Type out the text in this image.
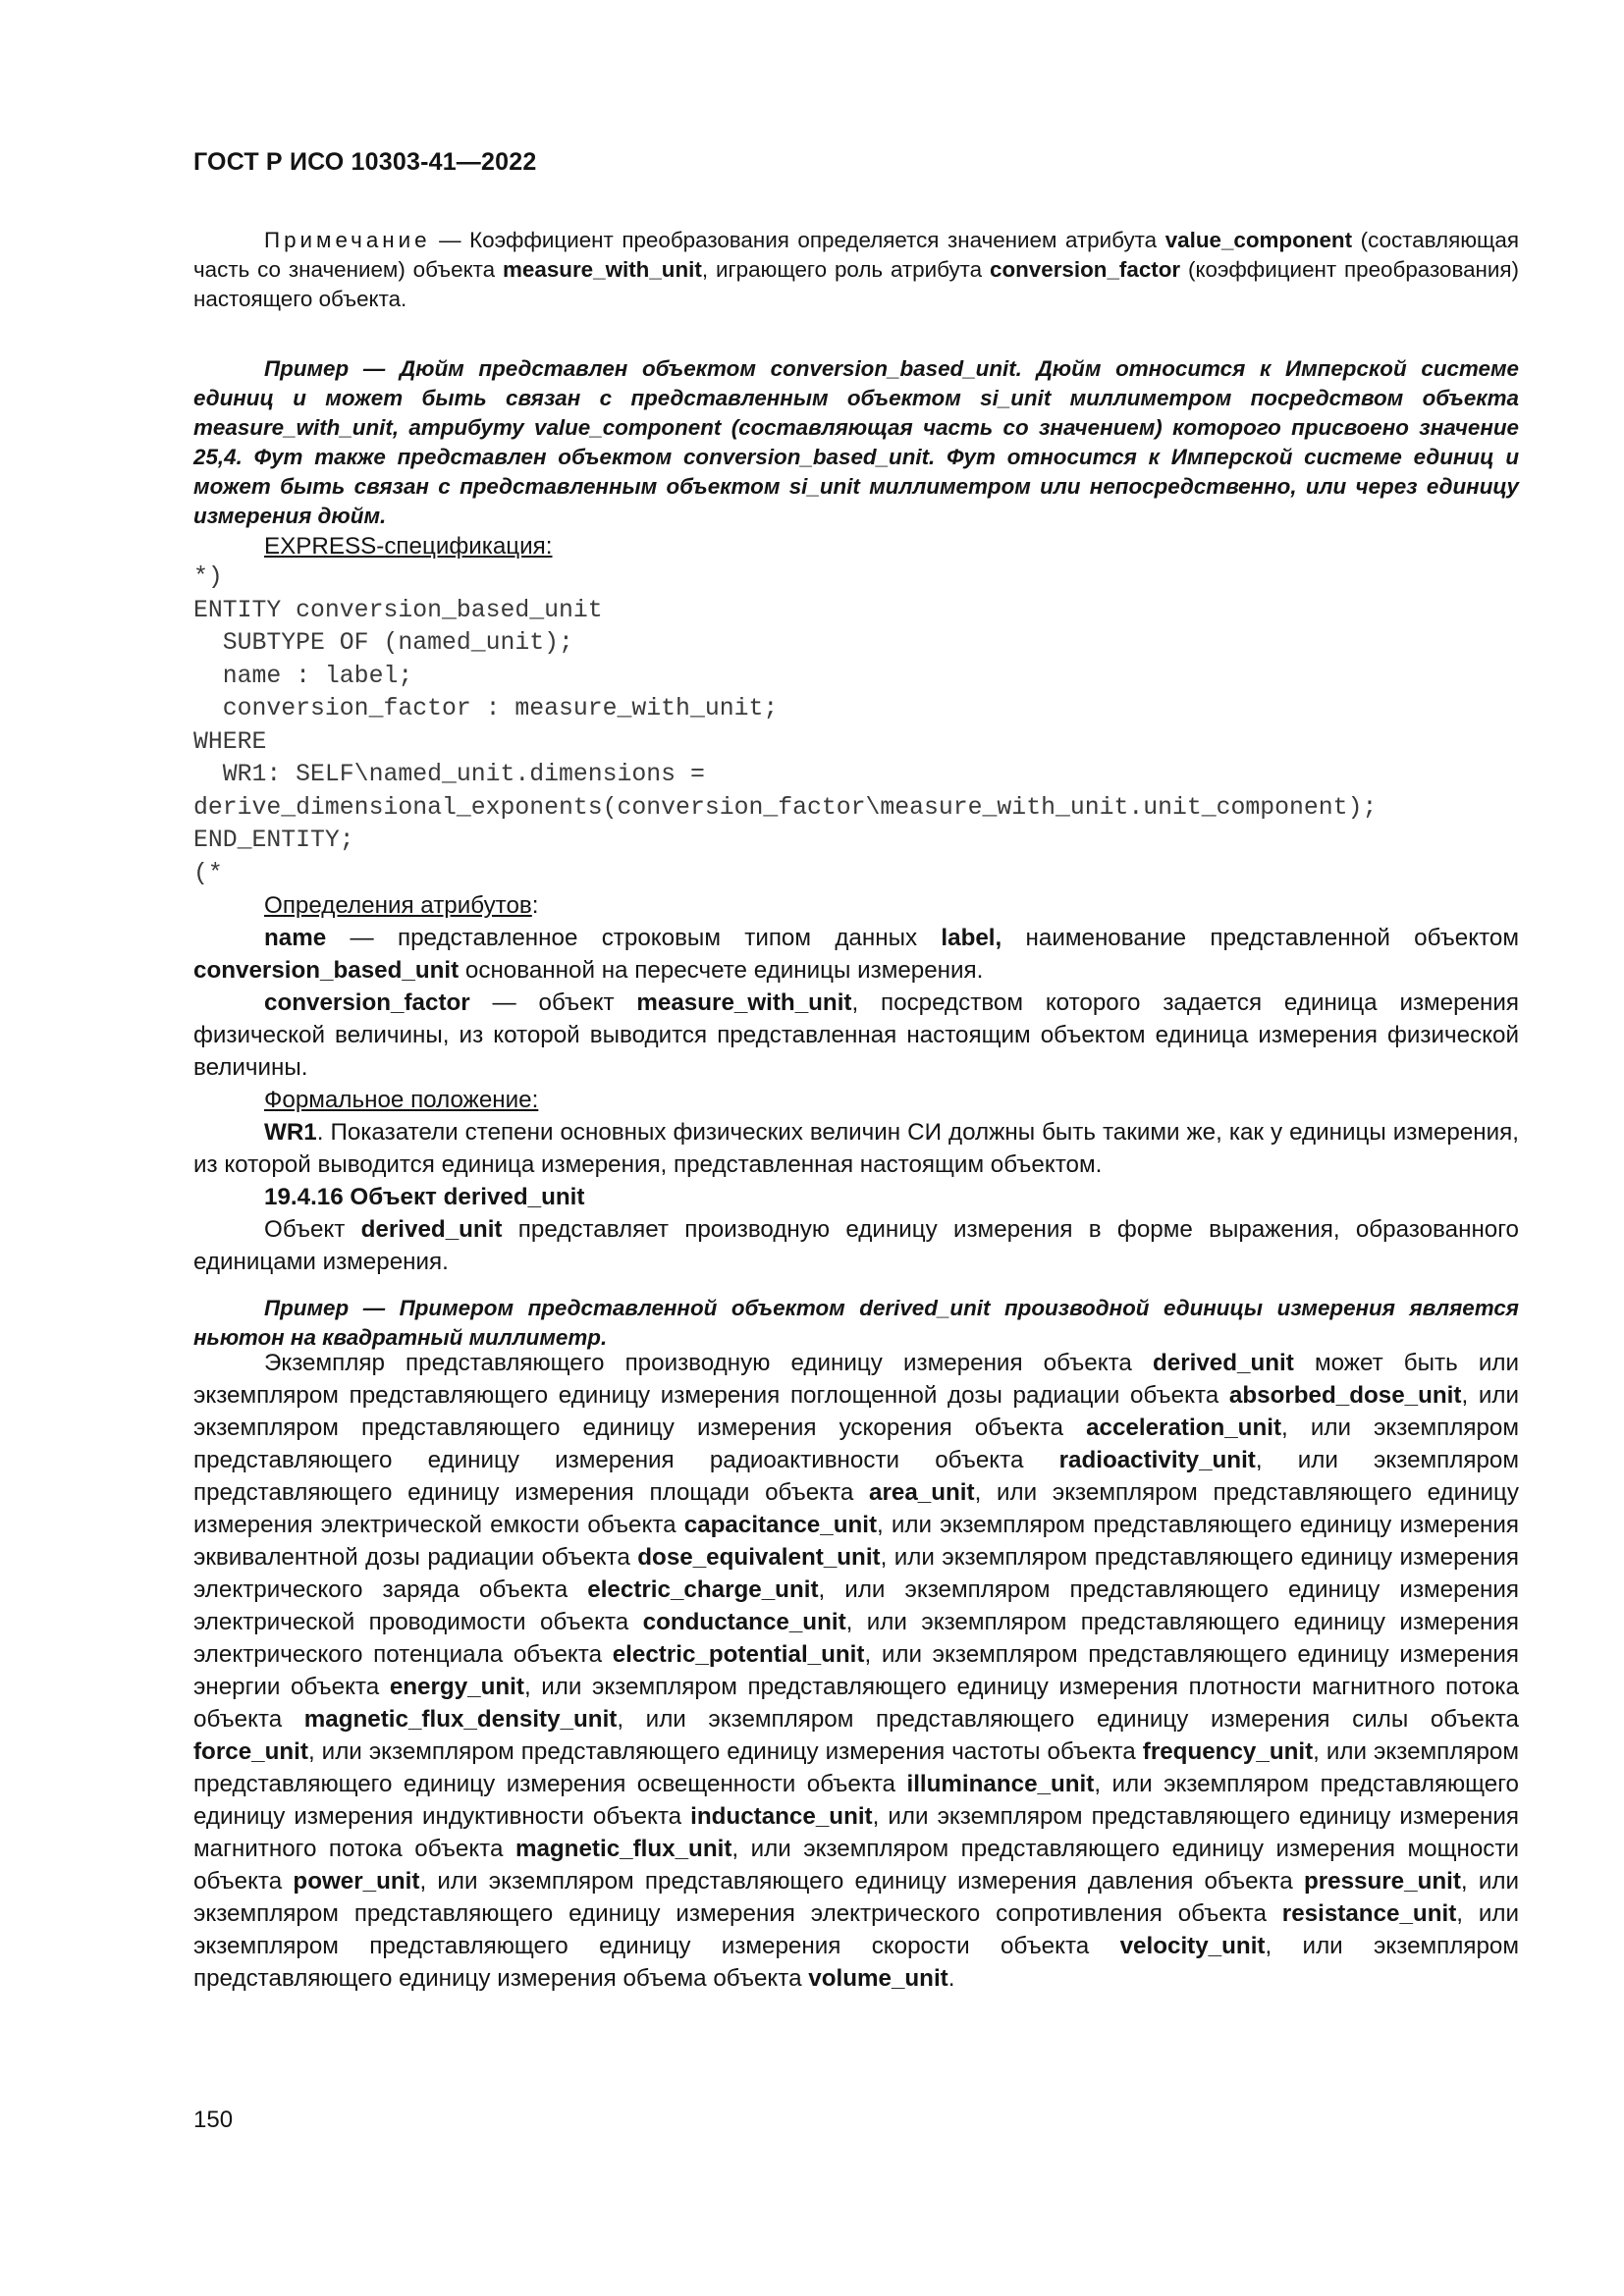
ГОСТ Р ИСО 10303-41—2022

Примечание — Коэффициент преобразования определяется значением атрибута value_component (составляющая часть со значением) объекта measure_with_unit, играющего роль атрибута conversion_factor (коэффициент преобразования) настоящего объекта.

Пример — Дюйм представлен объектом conversion_based_unit. Дюйм относится к Имперской системе единиц и может быть связан с представленным объектом si_unit миллиметром посредством объекта measure_with_unit, атрибуту value_component (составляющая часть со значением) которого присвоено значение 25,4. Фут также представлен объектом conversion_based_unit. Фут относится к Имперской системе единиц и может быть связан с представленным объектом si_unit миллиметром или непосредственно, или через единицу измерения дюйм.

EXPRESS-спецификация:

*)
ENTITY conversion_based_unit
SUBTYPE OF (named_unit);
name : label;
conversion_factor : measure_with_unit;
WHERE
WR1: SELF\named_unit.dimensions =
derive_dimensional_exponents(conversion_factor\measure_with_unit.unit_component);
END_ENTITY;
(*

Определения атрибутов:

name — представленное строковым типом данных label, наименование представленной объектом conversion_based_unit основанной на пересчете единицы измерения.

conversion_factor — объект measure_with_unit, посредством которого задается единица измерения физической величины, из которой выводится представленная настоящим объектом единица измерения физической величины.

Формальное положение:

WR1. Показатели степени основных физических величин СИ должны быть такими же, как у единицы измерения, из которой выводится единица измерения, представленная настоящим объектом.

19.4.16 Объект derived_unit

Объект derived_unit представляет производную единицу измерения в форме выражения, образованного единицами измерения.

Пример — Примером представленной объектом derived_unit производной единицы измерения является ньютон на квадратный миллиметр.

Экземпляр представляющего производную единицу измерения объекта derived_unit может быть или экземпляром представляющего единицу измерения поглощенной дозы радиации объекта absorbed_dose_unit, или экземпляром представляющего единицу измерения ускорения объекта acceleration_unit, или экземпляром представляющего единицу измерения радиоактивности объекта radioactivity_unit, или экземпляром представляющего единицу измерения площади объекта area_unit, или экземпляром представляющего единицу измерения электрической емкости объекта capacitance_unit, или экземпляром представляющего единицу измерения эквивалентной дозы радиации объекта dose_equivalent_unit, или экземпляром представляющего единицу измерения электрического заряда объекта electric_charge_unit, или экземпляром представляющего единицу измерения электрической проводимости объекта conductance_unit, или экземпляром представляющего единицу измерения электрического потенциала объекта electric_potential_unit, или экземпляром представляющего единицу измерения энергии объекта energy_unit, или экземпляром представляющего единицу измерения плотности магнитного потока объекта magnetic_flux_density_unit, или экземпляром представляющего единицу измерения силы объекта force_unit, или экземпляром представляющего единицу измерения частоты объекта frequency_unit, или экземпляром представляющего единицу измерения освещенности объекта illuminance_unit, или экземпляром представляющего единицу измерения индуктивности объекта inductance_unit, или экземпляром представляющего единицу измерения магнитного потока объекта magnetic_flux_unit, или экземпляром представляющего единицу измерения мощности объекта power_unit, или экземпляром представляющего единицу измерения давления объекта pressure_unit, или экземпляром представляющего единицу измерения электрического сопротивления объекта resistance_unit, или экземпляром представляющего единицу измерения скорости объекта velocity_unit, или экземпляром представляющего единицу измерения объема объекта volume_unit.

150
